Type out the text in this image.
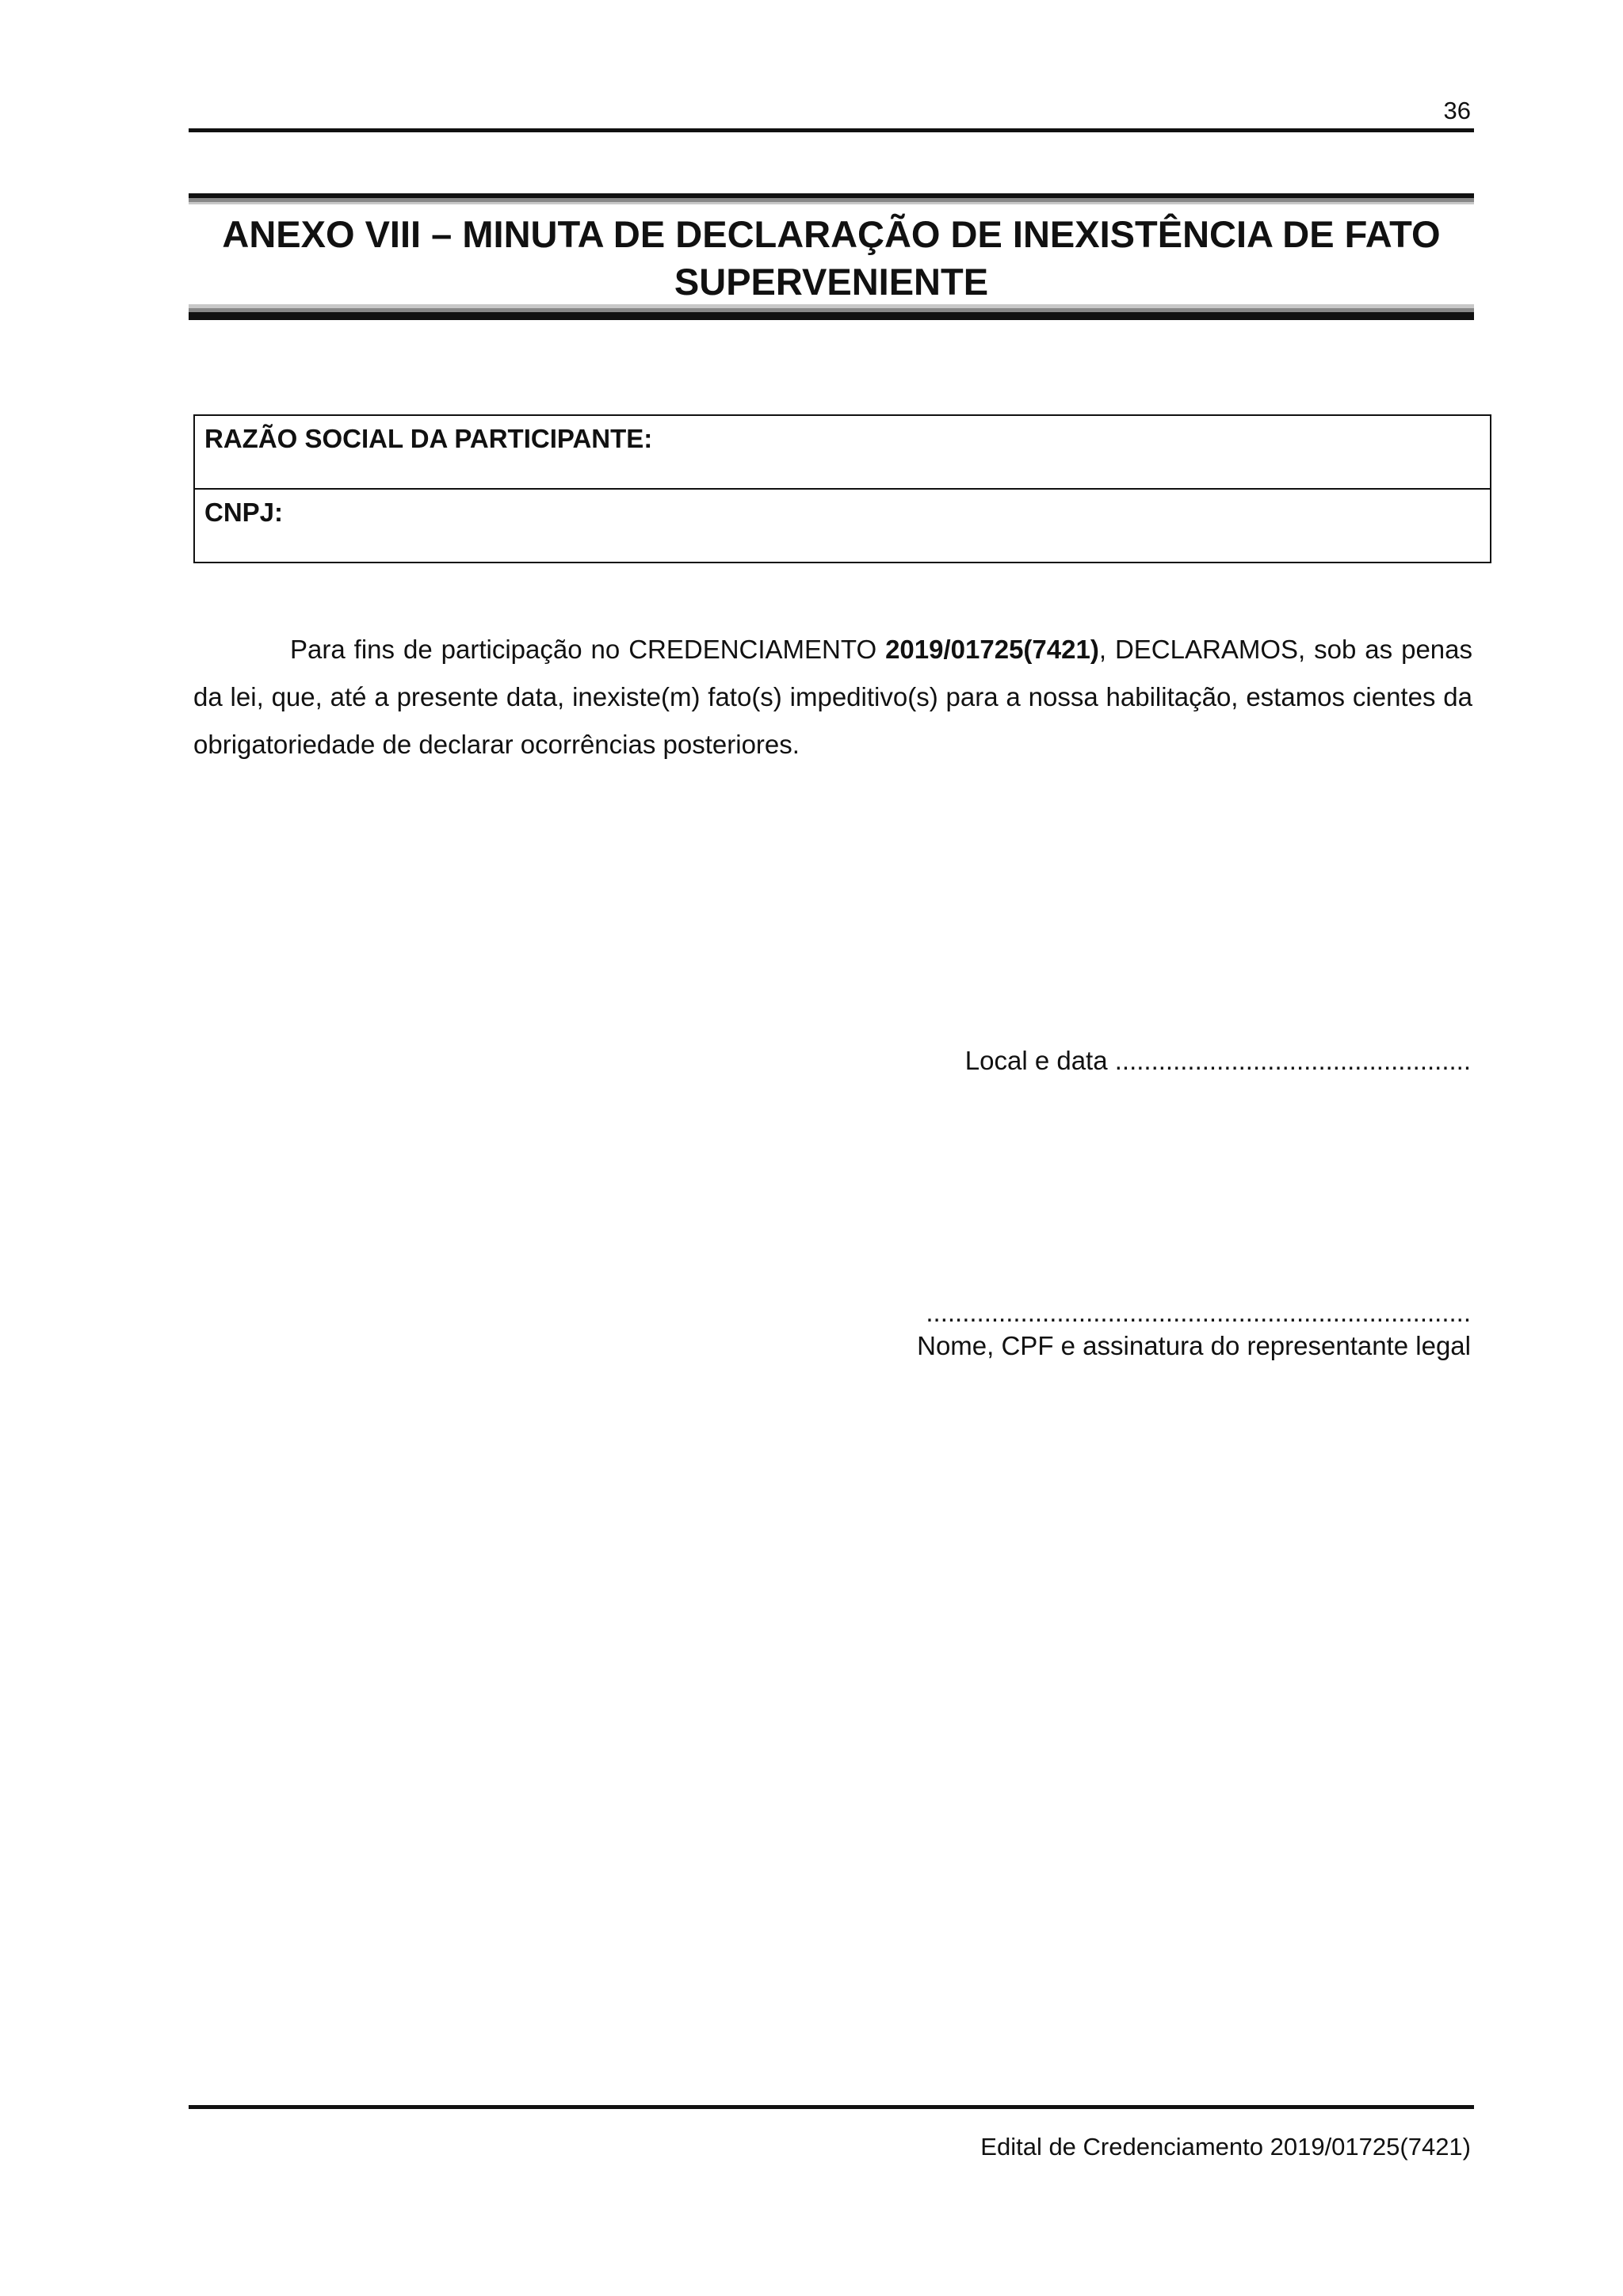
36
ANEXO VIII – MINUTA DE DECLARAÇÃO DE INEXISTÊNCIA DE FATO
SUPERVENIENTE
RAZÃO SOCIAL DA PARTICIPANTE:
CNPJ:

Para fins de participação no CREDENCIAMENTO 2019/01725(7421), DECLARAMOS, sob as penas da lei, que, até a presente data, inexiste(m) fato(s) impeditivo(s) para a nossa habilitação, estamos cientes da obrigatoriedade de declarar ocorrências posteriores.

Local e data .................................................
...........................................................................
Nome, CPF e assinatura do representante legal
Edital de Credenciamento 2019/01725(7421)
